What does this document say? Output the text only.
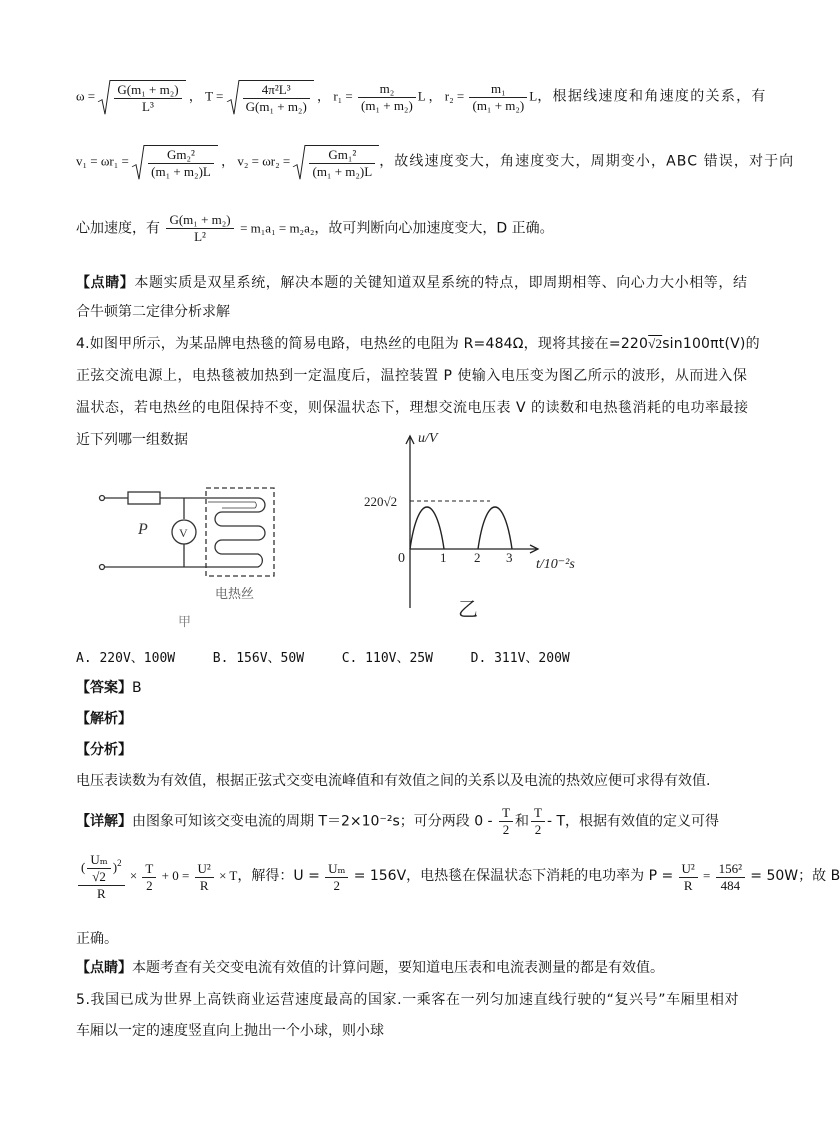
$\omega = \frac{\text{G(m₁ + m₂)}}{\text{L³}}$ ， $T = \frac{\text{4π²L³}}{\text{G(m₁ + m₂)}}$ ， $r_1 = \frac{\text{m₂}}{\text{(m₁ + m₂)}}$ L ， $r_2 = \frac{\text{m₁}}{\text{(m₁ + m₂)}}$ L，根据线速度和角速度的关系，有
$v_1 = \omega r_1 = \frac{\text{Gm₂²}}{\text{(m₁ + m₂)L}}$ ， $v_2 = \omega r_2 = \frac{\text{Gm₁²}}{\text{(m₁ + m₂)L}}$ ，故线速度变大，角速度变大，周期变小，ABC 错误，对于向
心加速度，有 $\frac{\text{G(m₁ + m₂)}}{\text{L²}} = m_1a_1 = m_2a_2$，故可判断向心加速度变大，D 正确。
【点睛】本题实质是双星系统，解决本题的关键知道双星系统的特点，即周期相等、向心力大小相等，结
合牛顿第二定律分析求解
4.如图甲所示，为某品牌电热毯的简易电路，电热丝的电阻为 R=484Ω，现将其接在=220√2sin100πt(V)的
正弦交流电源上，电热毯被加热到一定温度后，温控装置 P 使输入电压变为图乙所示的波形，从而进入保
温状态，若电热丝的电阻保持不变，则保温状态下，理想交流电压表 V 的读数和电热毯消耗的电功率最接
近下列哪一组数据
P	V
电热丝
甲
u/V
t/10⁻²s
220√2
0	1 2 3
乙
A. 220V、100W	B. 156V、50W	C. 110V、25W	D. 311V、200W
【答案】B
【解析】
【分析】
电压表读数为有效值，根据正弦式交变电流峰值和有效值之间的关系以及电流的热效应便可求得有效值.
【详解】由图象可知该交变电流的周期 T＝2×10⁻²s；可分两段 $0 - \frac{T}{2}$ 和 $\frac{T}{2}$ - T，根据有效值的定义可得
$\frac{( \frac{\text{Uₘ}}{√2} )^2}{R} \times \frac{T}{2} + 0 = \frac{\text{U²}}{R} \times T$，解得：$U = \frac{\text{Uₘ}}{2} = 156V$，电热毯在保温状态下消耗的电功率为 $P = \frac{\text{U²}}{R} = \frac{\text{156²}}{484} = 50W$；故 B
正确。
【点睛】本题考查有关交变电流有效值的计算问题，要知道电压表和电流表测量的都是有效值。
5.我国已成为世界上高铁商业运营速度最高的国家.一乘客在一列匀加速直线行驶的“复兴号”车厢里相对
车厢以一定的速度竖直向上抛出一个小球，则小球
